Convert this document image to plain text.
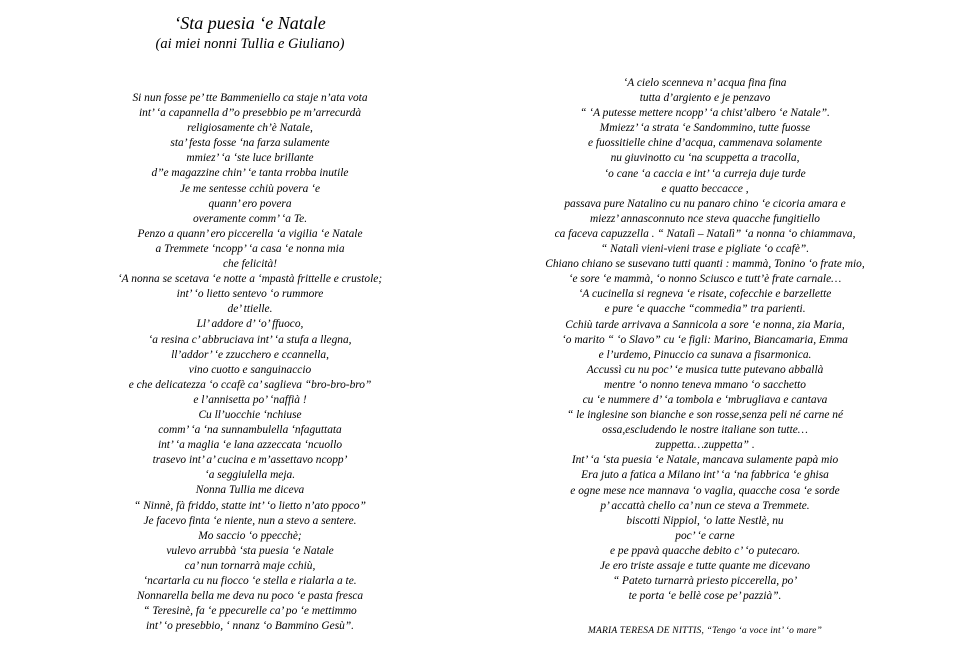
‘Sta puesia ‘e Natale
(ai miei nonni Tullia e Giuliano)
Si nun fosse pe’ tte Bammeniello ca staje n’ata vota
int’ ‘a capannella d’’o presebbio pe m’arrecurdà
religiosamente ch’è Natale,
sta’ festa fosse ‘na farza sulamente
mmiez’ ‘a ‘ste luce brillante
d’’e magazzine chin’ ‘e tanta rrobba inutile
Je me sentesse cchiù povera ‘e
quann’ ero povera
overamente comm’ ‘a Te.
Penzo a quann’ ero piccerella ‘a vigilia ‘e Natale
a Tremmete ‘ncopp’ ‘a casa ‘e nonna mia
che felicità!
‘A nonna se scetava ‘e notte a ‘mpastà frittelle e crustole;
int’ ‘o lietto sentevo ‘o rummore
de’ ttielle.
Ll’ addore d’ ‘o’ ffuoco,
‘a resina c’ abbruciava int’ ‘a stufa a llegna,
ll’addor’ ‘e zzucchero e ccannella,
vino cuotto e sanguinaccio
e che delicatezza ‘o ccafè ca’ saglieva “bro-bro-bro”
e l’annisetta po’ ‘naffià !
Cu ll’uocchie ‘nchiuse
comm’ ‘a ‘na sunnambulella ‘nfaguttata
int’ ‘a maglia ‘e lana azzeccata ‘ncuollo
trasevo int’ a’ cucina e m’assettavo ncopp’
‘a seggiulella meja.
Nonna Tullia me diceva
“ Ninnè, fà friddo, statte int’ ‘o lietto n’ato ppoco”
Je facevo finta ‘e niente, nun a stevo a sentere.
Mo saccio ‘o ppecchè;
vulevo arrubbà ‘sta puesia ‘e Natale
ca’ nun tornarrà maje cchiù,
‘ncartarla cu nu fiocco ‘e stella e rialarla a te.
Nonnarella bella me deva nu poco ‘e pasta fresca
“ Teresinè, fa ‘e ppecurelle ca’ po ‘e mettimmo
int’ ‘o presebbio, ‘ nnanz ‘o Bammino Gesù”.
‘A cielo scenneva n’ acqua fina fina
tutta d’argiento e je penzavo
“ ‘A putesse mettere ncopp’ ‘a chist’albero ‘e Natale”.
Mmiezz’ ‘a strata ‘e Sandommino, tutte fuosse
e fuossitielle chine d’acqua, cammenava solamente
nu giuvinotto cu ‘na scuppetta a tracolla,
‘o cane ‘a caccia e int’ ‘a curreja duje turde
e quatto beccacce ,
passava pure Natalino cu nu panaro chino ‘e cicoria amara e
miezz’ annasconnuto nce steva quacche fungitiello
ca faceva capuzzella . “ Natalì – Natalì” ‘a nonna ‘o chiammava,
“ Natalì vieni-vieni trase e pigliate ‘o ccafè”.
Chiano chiano se susevano tutti quanti : mammà, Tonino ‘o frate mio,
‘e sore ‘e mammà, ‘o nonno Sciusco e tutt’è frate carnale…
‘A cucinella si regneva ‘e risate, cofecchie e barzellette
e pure ‘e quacche “commedia” tra parienti.
Cchiù tarde arrivava a Sannicola a sore ‘e nonna, zia Maria,
‘o marito “ ‘o Slavo” cu ‘e figli: Marino, Biancamaria, Emma
e l’urdemo, Pinuccio ca sunava a fisarmonica.
Accussì cu nu poc’ ‘e musica tutte putevano abballà
mentre ‘o nonno teneva mmano ‘o sacchetto
cu ‘e nummere d’ ‘a tombola e ‘mbrugliava e cantava
“ le inglesine son bianche e son rosse,senza peli né carne né
ossa,escludendo le nostre italiane son tutte…
zuppetta…zuppetta” .
Int’ ‘a ‘sta puesia ‘e Natale, mancava sulamente papà mio
Era juto a fatica a Milano int’ ‘a ‘na fabbrica ‘e ghisa
e ogne mese nce mannava ‘o vaglia, quacche cosa ‘e sorde
p’ accattà chello ca’ nun ce steva a Tremmete.
biscotti Nippiol, ‘o latte Nestlè, nu
poc’ ‘e carne
e pe ppavà quacche debito c’ ‘o putecaro.
Je ero triste assaje e tutte quante me dicevano
“ Pateto turnarrà priesto piccerella, po’
te porta ‘e bellè cose pe’ pazzià”.
MARIA TERESA DE NITTIS, “Tengo ‘a voce int’ ‘o mare”
